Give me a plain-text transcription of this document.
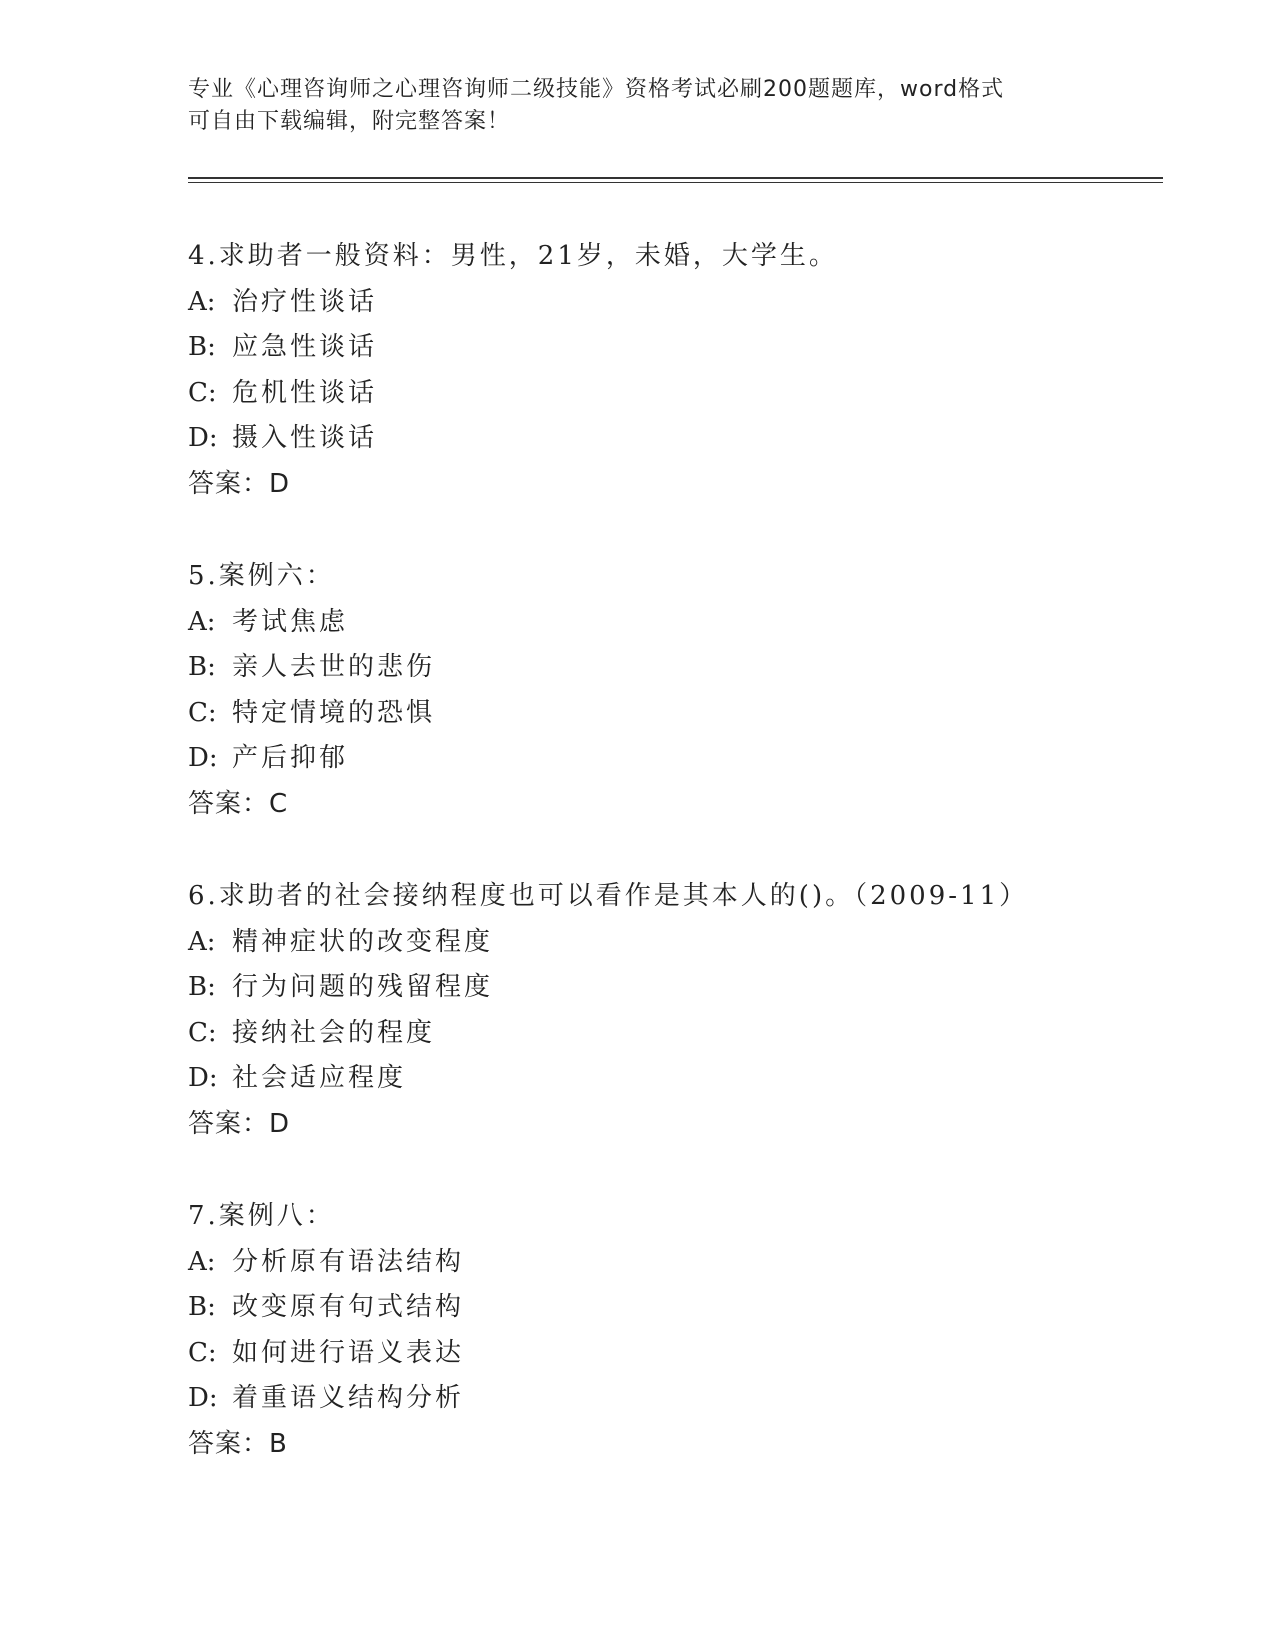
专业《心理咨询师之心理咨询师二级技能》资格考试必刷200题题库，word格式
可自由下载编辑，附完整答案！
4.求助者一般资料：男性，21岁，未婚，大学生。
A: 治疗性谈话
B: 应急性谈话
C: 危机性谈话
D: 摄入性谈话
答案：D
5.案例六：
A: 考试焦虑
B: 亲人去世的悲伤
C: 特定情境的恐惧
D: 产后抑郁
答案：C
6.求助者的社会接纳程度也可以看作是其本人的()。（2009-11）
A: 精神症状的改变程度
B: 行为问题的残留程度
C: 接纳社会的程度
D: 社会适应程度
答案：D
7.案例八：
A: 分析原有语法结构
B: 改变原有句式结构
C: 如何进行语义表达
D: 着重语义结构分析
答案：B
